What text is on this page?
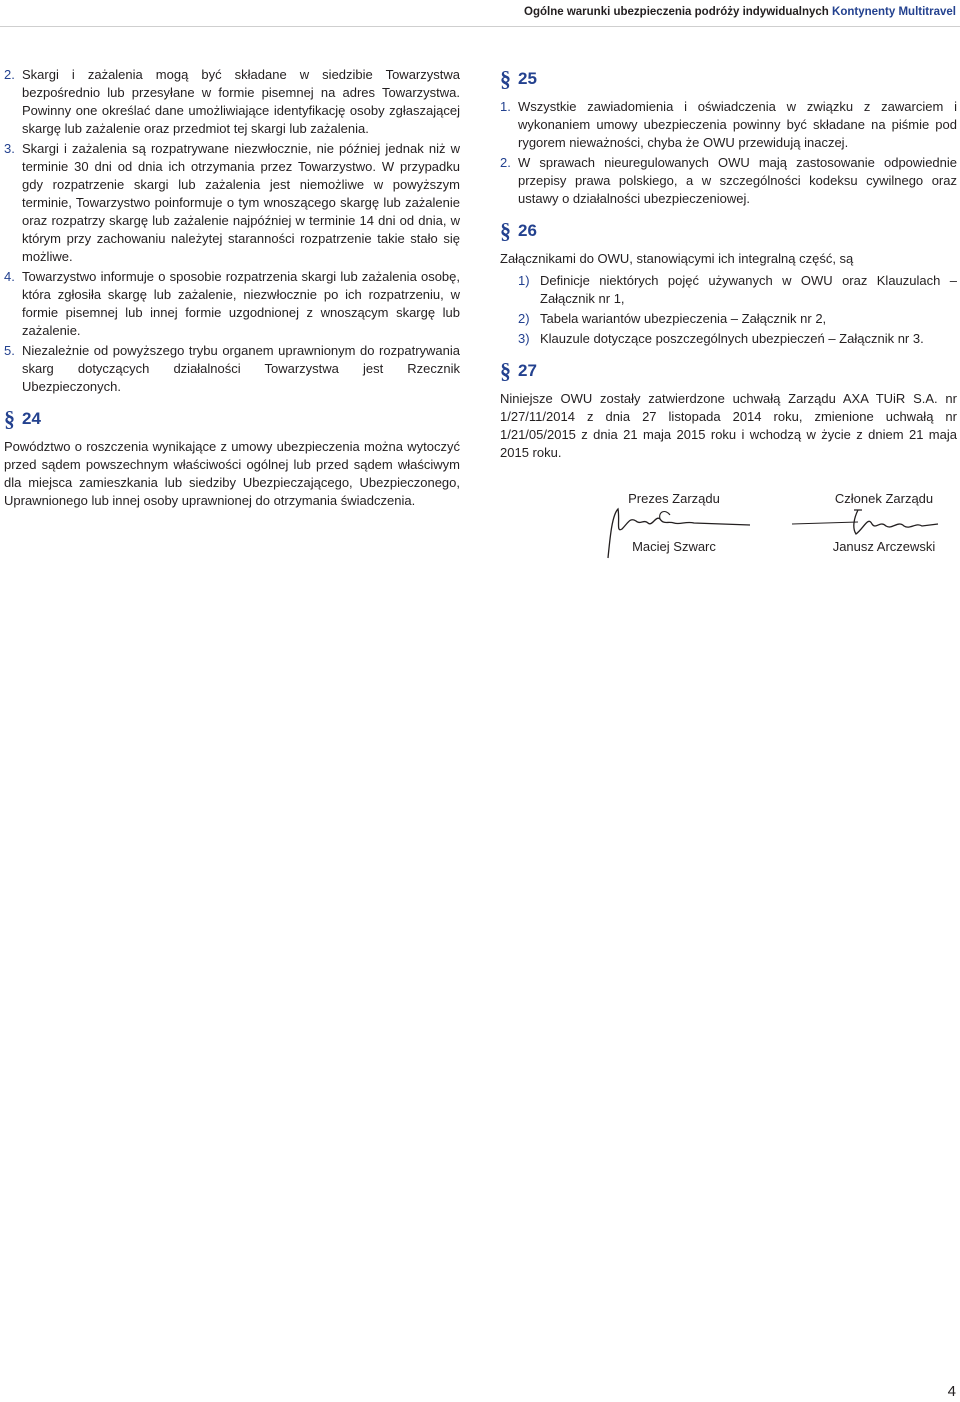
Ogólne warunki ubezpieczenia podróży indywidualnych Kontynenty Multitravel
2. Skargi i zażalenia mogą być składane w siedzibie Towarzystwa bezpośrednio lub przesyłane w formie pisemnej na adres Towarzystwa. Powinny one określać dane umożliwiające identyfikację osoby zgłaszającej skargę lub zażalenie oraz przedmiot tej skargi lub zażalenia.
3. Skargi i zażalenia są rozpatrywane niezwłocznie, nie później jednak niż w terminie 30 dni od dnia ich otrzymania przez Towarzystwo. W przypadku gdy rozpatrzenie skargi lub zażalenia jest niemożliwe w powyższym terminie, Towarzystwo poinformuje o tym wnoszącego skargę lub zażalenie oraz rozpatrzy skargę lub zażalenie najpóźniej w terminie 14 dni od dnia, w którym przy zachowaniu należytej staranności rozpatrzenie takie stało się możliwe.
4. Towarzystwo informuje o sposobie rozpatrzenia skargi lub zażalenia osobę, która zgłosiła skargę lub zażalenie, niezwłocznie po ich rozpatrzeniu, w formie pisemnej lub innej formie uzgodnionej z wnoszącym skargę lub zażalenie.
5. Niezależnie od powyższego trybu organem uprawnionym do rozpatrywania skarg dotyczących działalności Towarzystwa jest Rzecznik Ubezpieczonych.
§ 24
Powództwo o roszczenia wynikające z umowy ubezpieczenia można wytoczyć przed sądem powszechnym właściwości ogólnej lub przed sądem właściwym dla miejsca zamieszkania lub siedziby Ubezpieczającego, Ubezpieczonego, Uprawnionego lub innej osoby uprawnionej do otrzymania świadczenia.
§ 25
1. Wszystkie zawiadomienia i oświadczenia w związku z zawarciem i wykonaniem umowy ubezpieczenia powinny być składane na piśmie pod rygorem nieważności, chyba że OWU przewidują inaczej.
2. W sprawach nieuregulowanych OWU mają zastosowanie odpowiednie przepisy prawa polskiego, a w szczególności kodeksu cywilnego oraz ustawy o działalności ubezpieczeniowej.
§ 26
Załącznikami do OWU, stanowiącymi ich integralną część, są
1) Definicje niektórych pojęć używanych w OWU oraz Klauzulach – Załącznik nr 1,
2) Tabela wariantów ubezpieczenia – Załącznik nr 2,
3) Klauzule dotyczące poszczególnych ubezpieczeń – Załącznik nr 3.
§ 27
Niniejsze OWU zostały zatwierdzone uchwałą Zarządu AXA TUiR S.A. nr 1/27/11/2014 z dnia 27 listopada 2014 roku, zmienione uchwałą nr 1/21/05/2015 z dnia 21 maja 2015 roku i wchodzą w życie z dniem 21 maja 2015 roku.
Prezes Zarządu
Maciej Szwarc
Członek Zarządu
Janusz Arczewski
4
